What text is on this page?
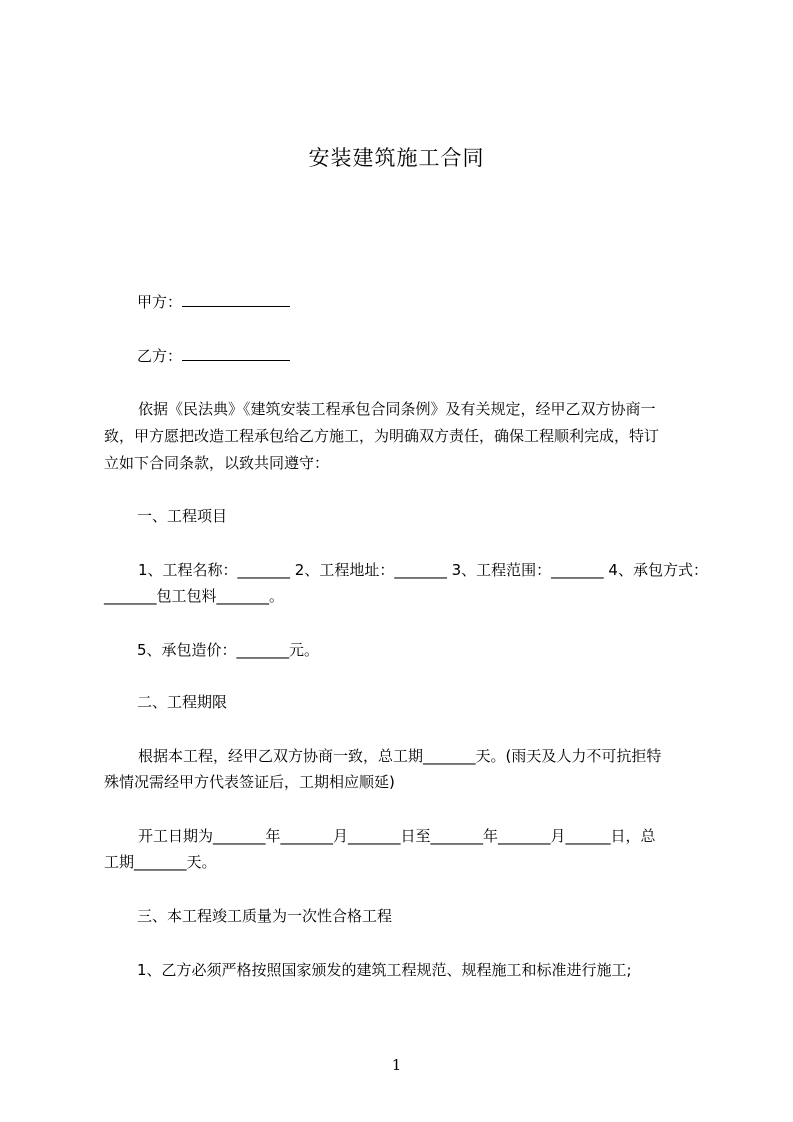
安装建筑施工合同
甲方：
乙方：
依据《民法典》《建筑安装工程承包合同条例》及有关规定，经甲乙双方协商一
致，甲方愿把改造工程承包给乙方施工，为明确双方责任，确保工程顺利完成，特订
立如下合同条款，以致共同遵守：
一、工程项目
1、工程名称：_______ 2、工程地址：_______ 3、工程范围：_______ 4、承包方式：
_______包工包料_______。
5、承包造价：_______元。
二、工程期限
根据本工程，经甲乙双方协商一致，总工期_______天。(雨天及人力不可抗拒特
殊情况需经甲方代表签证后，工期相应顺延)
开工日期为_______年_______月_______日至_______年_______月______日，总
工期_______天。
三、本工程竣工质量为一次性合格工程
1、乙方必须严格按照国家颁发的建筑工程规范、规程施工和标准进行施工;
1
